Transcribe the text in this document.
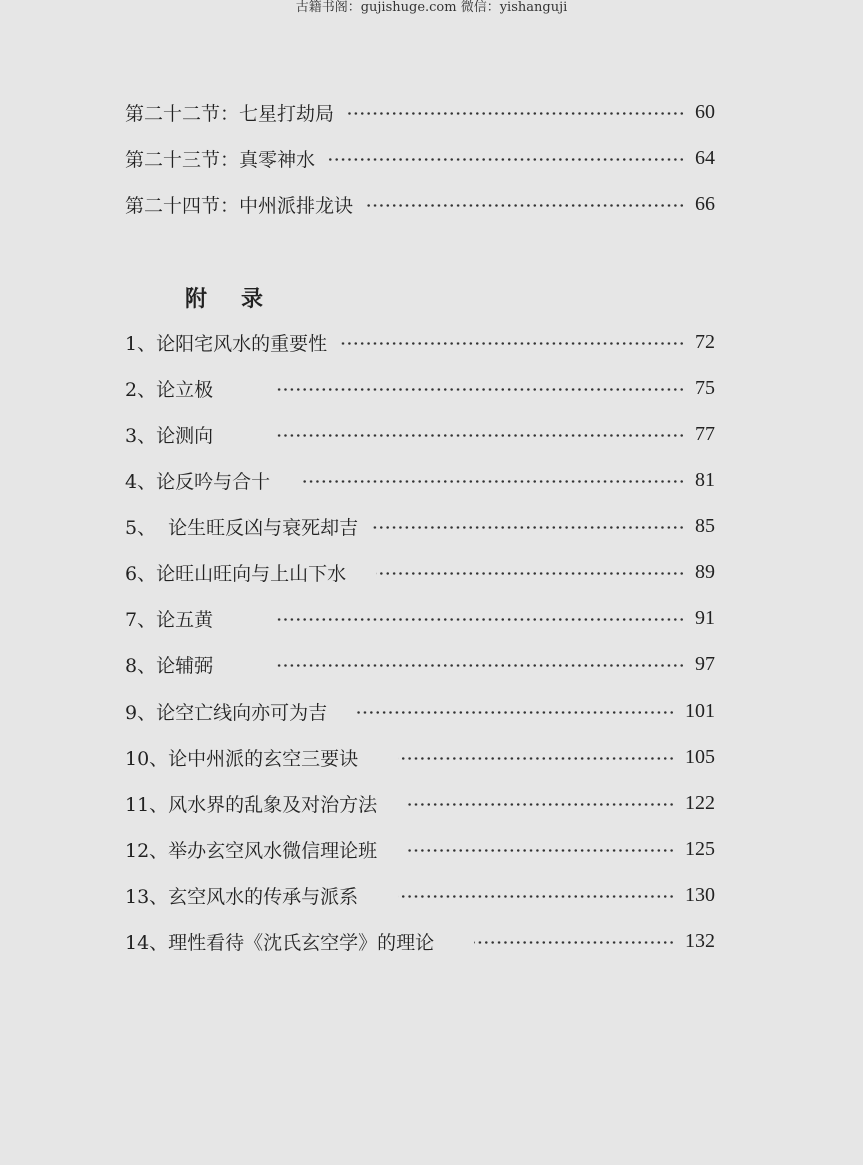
古籍书阁：gujishuge.com 微信：yishanguji
第二十二节：七星打劫局	60
第二十三节：真零神水	64
第二十四节：中州派排龙诀	66
附录
1、论阳宅风水的重要性	72
2、论立极	75
3、论测向	77
4、论反吟与合十	81
5、  论生旺反凶与衰死却吉	85
6、论旺山旺向与上山下水	89
7、论五黄	91
8、论辅弼	97
9、论空亡线向亦可为吉	101
10、论中州派的玄空三要诀	105
11、风水界的乱象及对治方法	122
12、举办玄空风水微信理论班	125
13、玄空风水的传承与派系	130
14、理性看待《沈氏玄空学》的理论	132
